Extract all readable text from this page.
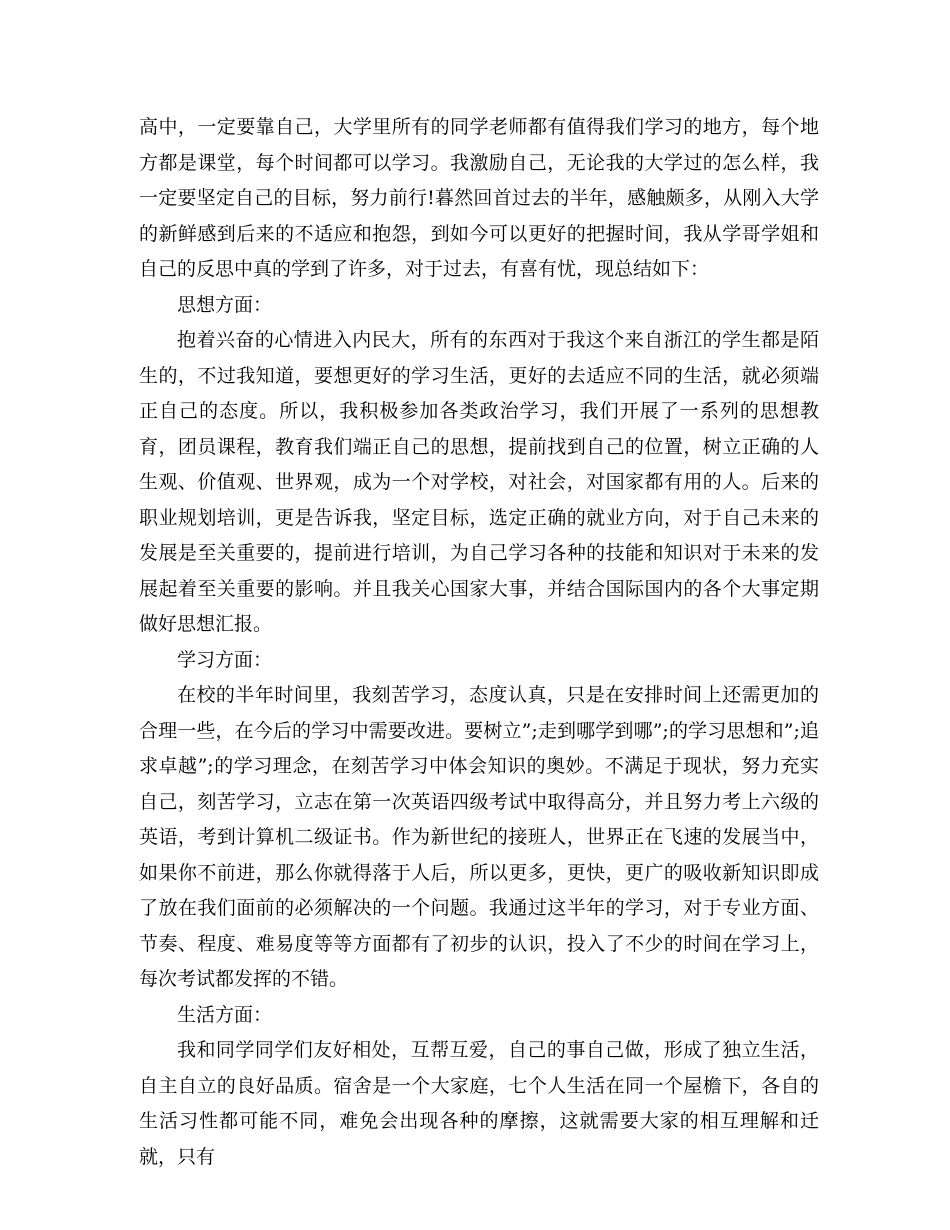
高中，一定要靠自己，大学里所有的同学老师都有值得我们学习的地方，每个地方都是课堂，每个时间都可以学习。我激励自己，无论我的大学过的怎么样，我一定要坚定自己的目标，努力前行!暮然回首过去的半年，感触颇多，从刚入大学的新鲜感到后来的不适应和抱怨，到如今可以更好的把握时间，我从学哥学姐和自己的反思中真的学到了许多，对于过去，有喜有忧，现总结如下：

思想方面：

抱着兴奋的心情进入内民大，所有的东西对于我这个来自浙江的学生都是陌生的，不过我知道，要想更好的学习生活，更好的去适应不同的生活，就必须端正自己的态度。所以，我积极参加各类政治学习，我们开展了一系列的思想教育，团员课程，教育我们端正自己的思想，提前找到自己的位置，树立正确的人生观、价值观、世界观，成为一个对学校，对社会，对国家都有用的人。后来的职业规划培训，更是告诉我，坚定目标，选定正确的就业方向，对于自己未来的发展是至关重要的，提前进行培训，为自己学习各种的技能和知识对于未来的发展起着至关重要的影响。并且我关心国家大事，并结合国际国内的各个大事定期做好思想汇报。

学习方面：

在校的半年时间里，我刻苦学习，态度认真，只是在安排时间上还需更加的合理一些，在今后的学习中需要改进。要树立”;走到哪学到哪”;的学习思想和”;追求卓越”;的学习理念，在刻苦学习中体会知识的奥妙。不满足于现状，努力充实自己，刻苦学习，立志在第一次英语四级考试中取得高分，并且努力考上六级的英语，考到计算机二级证书。作为新世纪的接班人，世界正在飞速的发展当中，如果你不前进，那么你就得落于人后，所以更多，更快，更广的吸收新知识即成了放在我们面前的必须解决的一个问题。我通过这半年的学习，对于专业方面、节奏、程度、难易度等等方面都有了初步的认识，投入了不少的时间在学习上，每次考试都发挥的不错。

生活方面：

我和同学同学们友好相处，互帮互爱，自己的事自己做，形成了独立生活，自主自立的良好品质。宿舍是一个大家庭，七个人生活在同一个屋檐下，各自的生活习性都可能不同，难免会出现各种的摩擦，这就需要大家的相互理解和迁就，只有
